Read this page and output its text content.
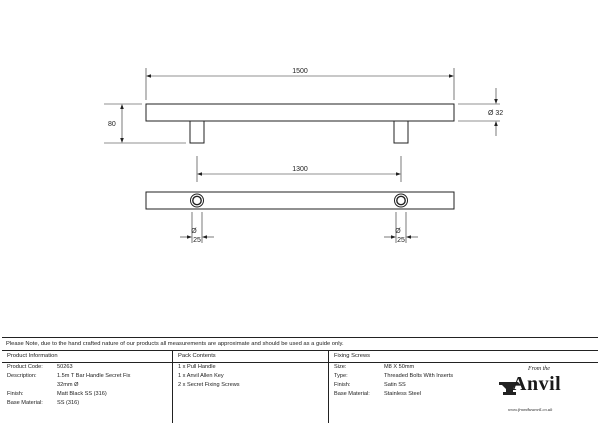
1500
80
Ø 32
1300
Ø
25
Ø
25
Please Note, due to the hand crafted nature of our products all measurements are approximate and should be used as a guide only.
Product Information
Product Code:	50263
Description:	1.5m T Bar Handle Secret Fix
32mm Ø
Finish:	Matt Black SS (316)
Base Material:	SS (316)
Pack Contents
1 x Pull Handle
1 x Anvil Allen Key
2 x Secret Fixing Screws
Fixing Screws
Size:	M8 X 50mm
Type:	Threaded Bolts With Inserts
Finish:	Satin SS
Base Material:	Stainless Steel
From the
Anvil
www.fromtheanvil.co.uk
